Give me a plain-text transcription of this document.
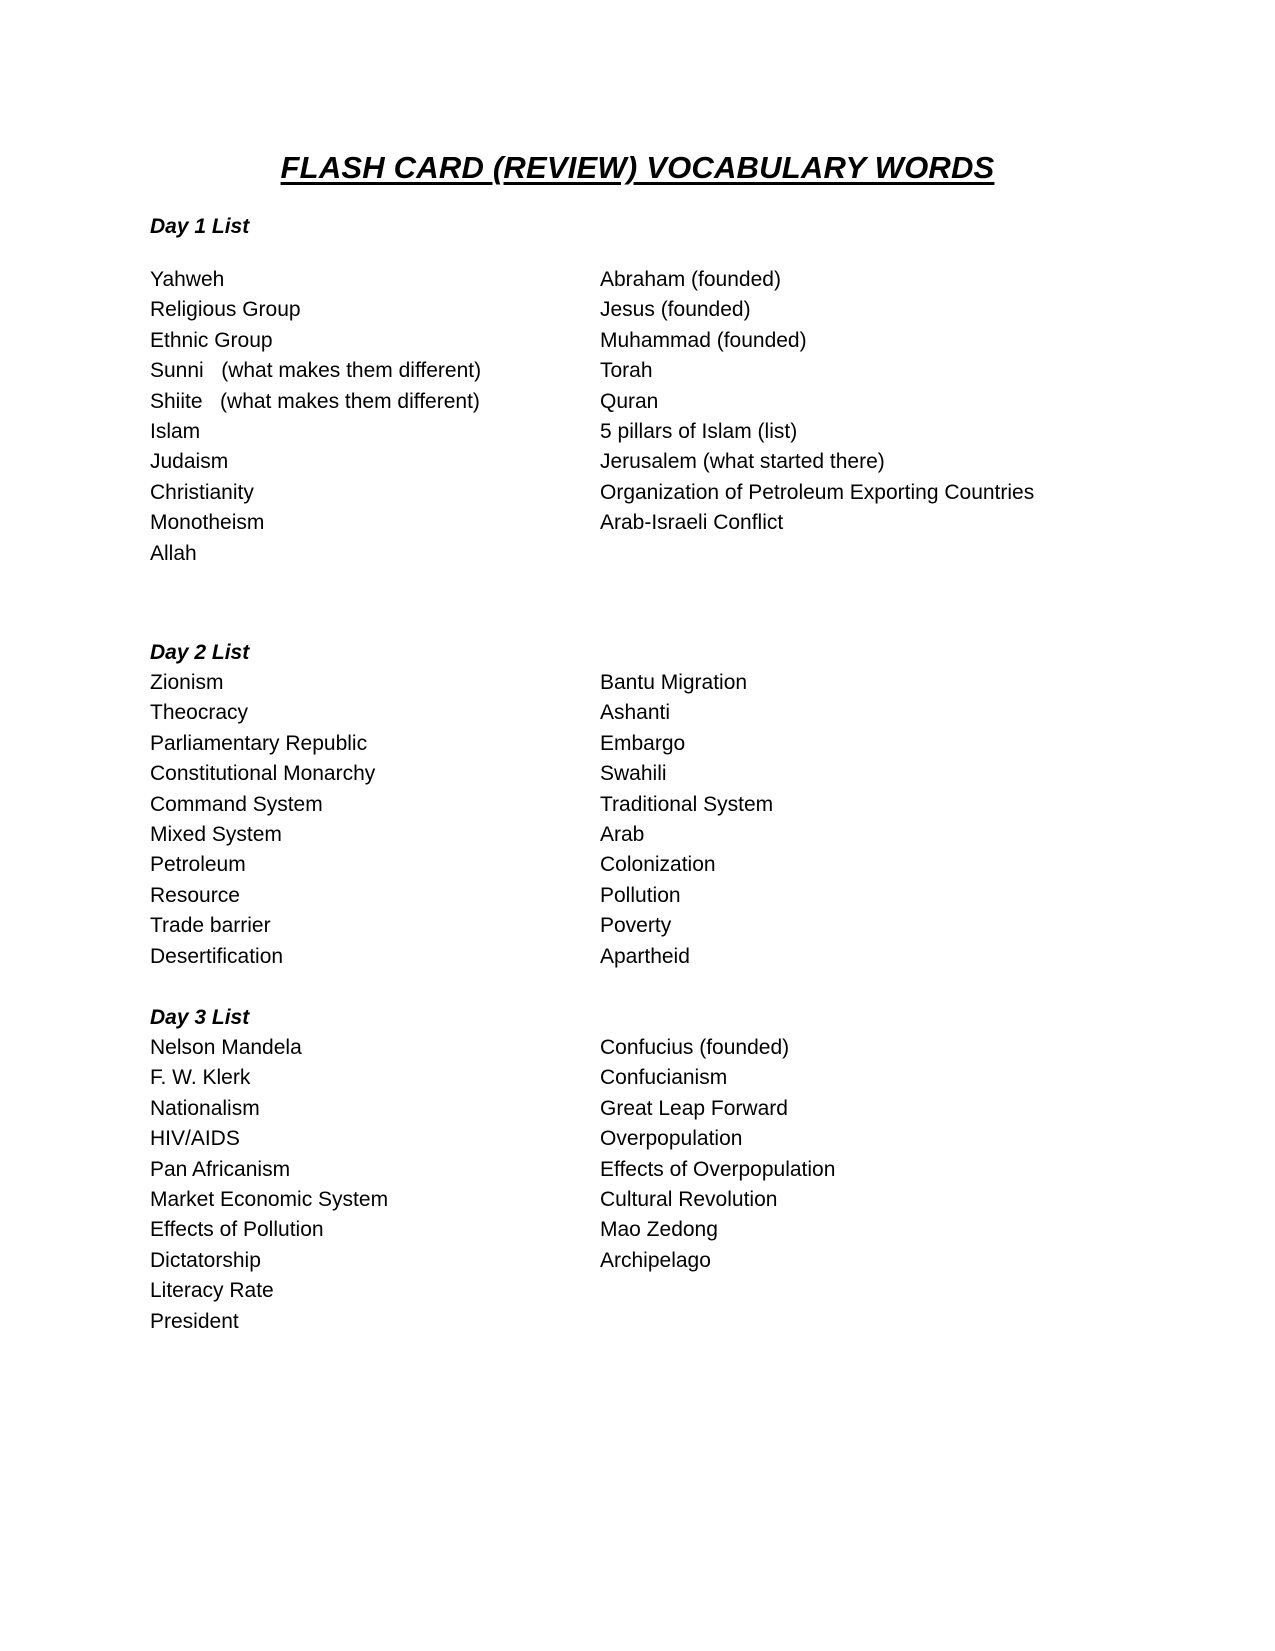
FLASH CARD (REVIEW) VOCABULARY WORDS
Day 1 List
Yahweh
Religious Group
Ethnic Group
Sunni   (what makes them different)
Shiite   (what makes them different)
Islam
Judaism
Christianity
Monotheism
Allah
Abraham (founded)
Jesus (founded)
Muhammad (founded)
Torah
Quran
5 pillars of Islam (list)
Jerusalem (what started there)
Organization of Petroleum Exporting Countries
Arab-Israeli Conflict
Day 2 List
Zionism
Theocracy
Parliamentary Republic
Constitutional Monarchy
Command System
Mixed System
Petroleum
Resource
Trade barrier
Desertification
Bantu Migration
Ashanti
Embargo
Swahili
Traditional System
Arab
Colonization
Pollution
Poverty
Apartheid
Day 3 List
Nelson Mandela
F. W. Klerk
Nationalism
HIV/AIDS
Pan Africanism
Market Economic System
Effects of Pollution
Dictatorship
Literacy Rate
President
Confucius (founded)
Confucianism
Great Leap Forward
Overpopulation
Effects of Overpopulation
Cultural Revolution
Mao Zedong
Archipelago
